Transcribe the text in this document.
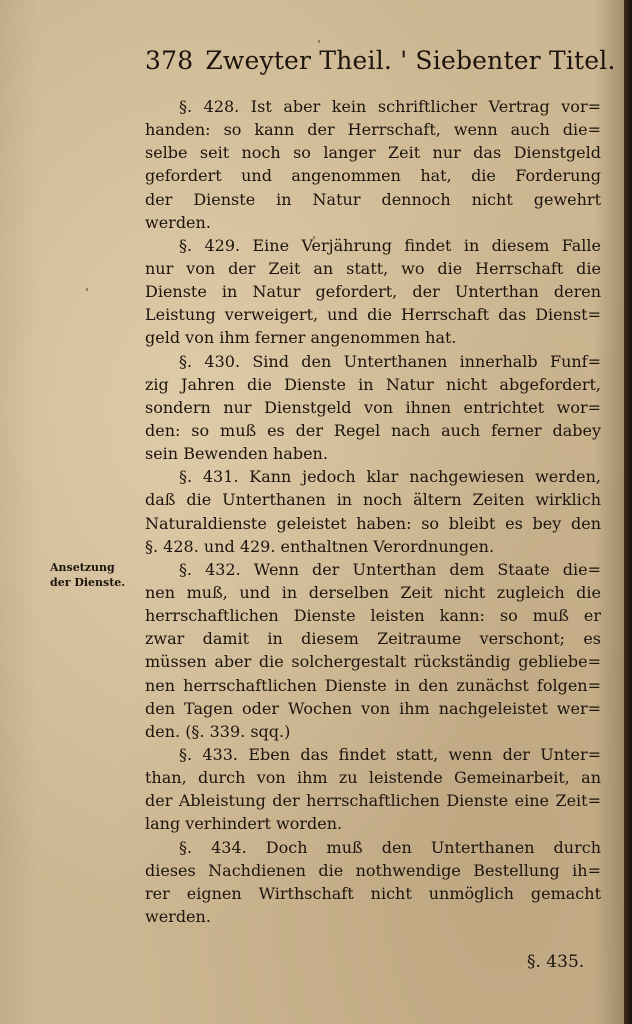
378 Zweyter Theil. ' Siebenter Titel.
Ansetzung
der Dienste.
§. 428. Ist aber kein schriftlicher Vertrag vor=
handen: so kann der Herrschaft, wenn auch die=
selbe seit noch so langer Zeit nur das Dienstgeld
gefordert und angenommen hat, die Forderung
der Dienste in Natur dennoch nicht gewehrt
werden.
§. 429. Eine Verjährung findet in diesem Falle
nur von der Zeit an statt, wo die Herrschaft die
Dienste in Natur gefordert, der Unterthan deren
Leistung verweigert, und die Herrschaft das Dienst=
geld von ihm ferner angenommen hat.
§. 430. Sind den Unterthanen innerhalb Funf=
zig Jahren die Dienste in Natur nicht abgefordert,
sondern nur Dienstgeld von ihnen entrichtet wor=
den: so muß es der Regel nach auch ferner dabey
sein Bewenden haben.
§. 431. Kann jedoch klar nachgewiesen werden,
daß die Unterthanen in noch ältern Zeiten wirklich
Naturaldienste geleistet haben: so bleibt es bey den
§. 428. und 429. enthaltnen Verordnungen.
§. 432. Wenn der Unterthan dem Staate die=
nen muß, und in derselben Zeit nicht zugleich die
herrschaftlichen Dienste leisten kann: so muß er
zwar damit in diesem Zeitraume verschont; es
müssen aber die solchergestalt rückständig gebliebe=
nen herrschaftlichen Dienste in den zunächst folgen=
den Tagen oder Wochen von ihm nachgeleistet wer=
den. (§. 339. sqq.)
§. 433. Eben das findet statt, wenn der Unter=
than, durch von ihm zu leistende Gemeinarbeit, an
der Ableistung der herrschaftlichen Dienste eine Zeit=
lang verhindert worden.
§. 434. Doch muß den Unterthanen durch
dieses Nachdienen die nothwendige Bestellung ih=
rer eignen Wirthschaft nicht unmöglich gemacht
werden.
§. 435.
